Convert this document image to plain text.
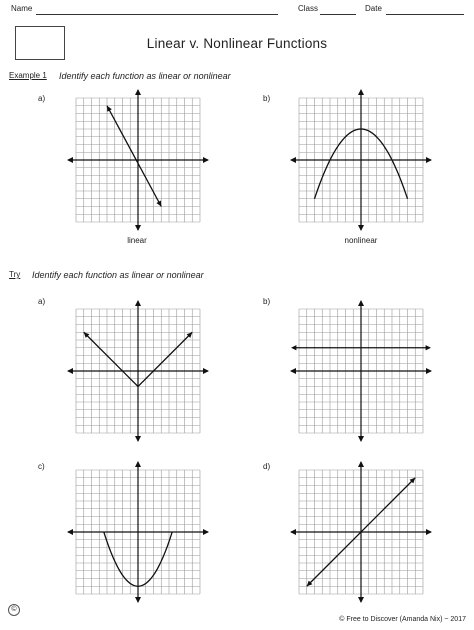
Name	Class	Date
Linear v. Nonlinear Functions
Example 1 Identify each function as linear or nonlinear
a)
linear
b)
nonlinear
Try Identify each function as linear or nonlinear
a)	b)
c)	d)
©
© Free to Discover (Amanda Nix) ~ 2017
